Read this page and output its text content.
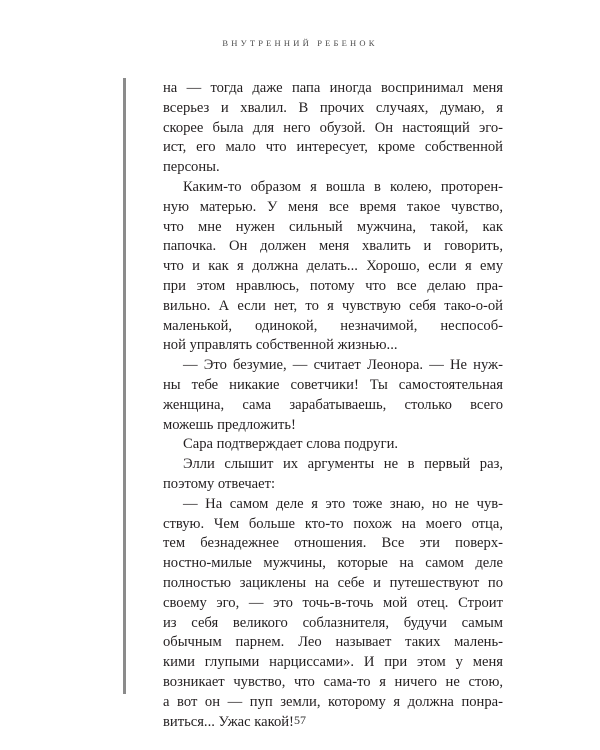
ВНУТРЕННИЙ РЕБЕНОК
на — тогда даже папа иногда воспринимал меня
всерьез и хвалил. В прочих случаях, думаю, я
скорее была для него обузой. Он настоящий эго-
ист, его мало что интересует, кроме собственной
персоны.
Каким-то образом я вошла в колею, проторен-
ную матерью. У меня все время такое чувство,
что мне нужен сильный мужчина, такой, как
папочка. Он должен меня хвалить и говорить,
что и как я должна делать... Хорошо, если я ему
при этом нравлюсь, потому что все делаю пра-
вильно. А если нет, то я чувствую себя тако-о-ой
маленькой, одинокой, незначимой, неспособ-
ной управлять собственной жизнью...
— Это безумие, — считает Леонора. — Не нуж-
ны тебе никакие советчики! Ты самостоятельная
женщина, сама зарабатываешь, столько всего
можешь предложить!
Сара подтверждает слова подруги.
Элли слышит их аргументы не в первый раз,
поэтому отвечает:
— На самом деле я это тоже знаю, но не чув-
ствую. Чем больше кто-то похож на моего отца,
тем безнадежнее отношения. Все эти поверх-
ностно-милые мужчины, которые на самом деле
полностью зациклены на себе и путешествуют по
своему эго, — это точь-в-точь мой отец. Строит
из себя великого соблазнителя, будучи самым
обычным парнем. Лео называет таких малень-
кими глупыми нарциссами». И при этом у меня
возникает чувство, что сама-то я ничего не стою,
а вот он — пуп земли, которому я должна понра-
виться... Ужас какой! 57
